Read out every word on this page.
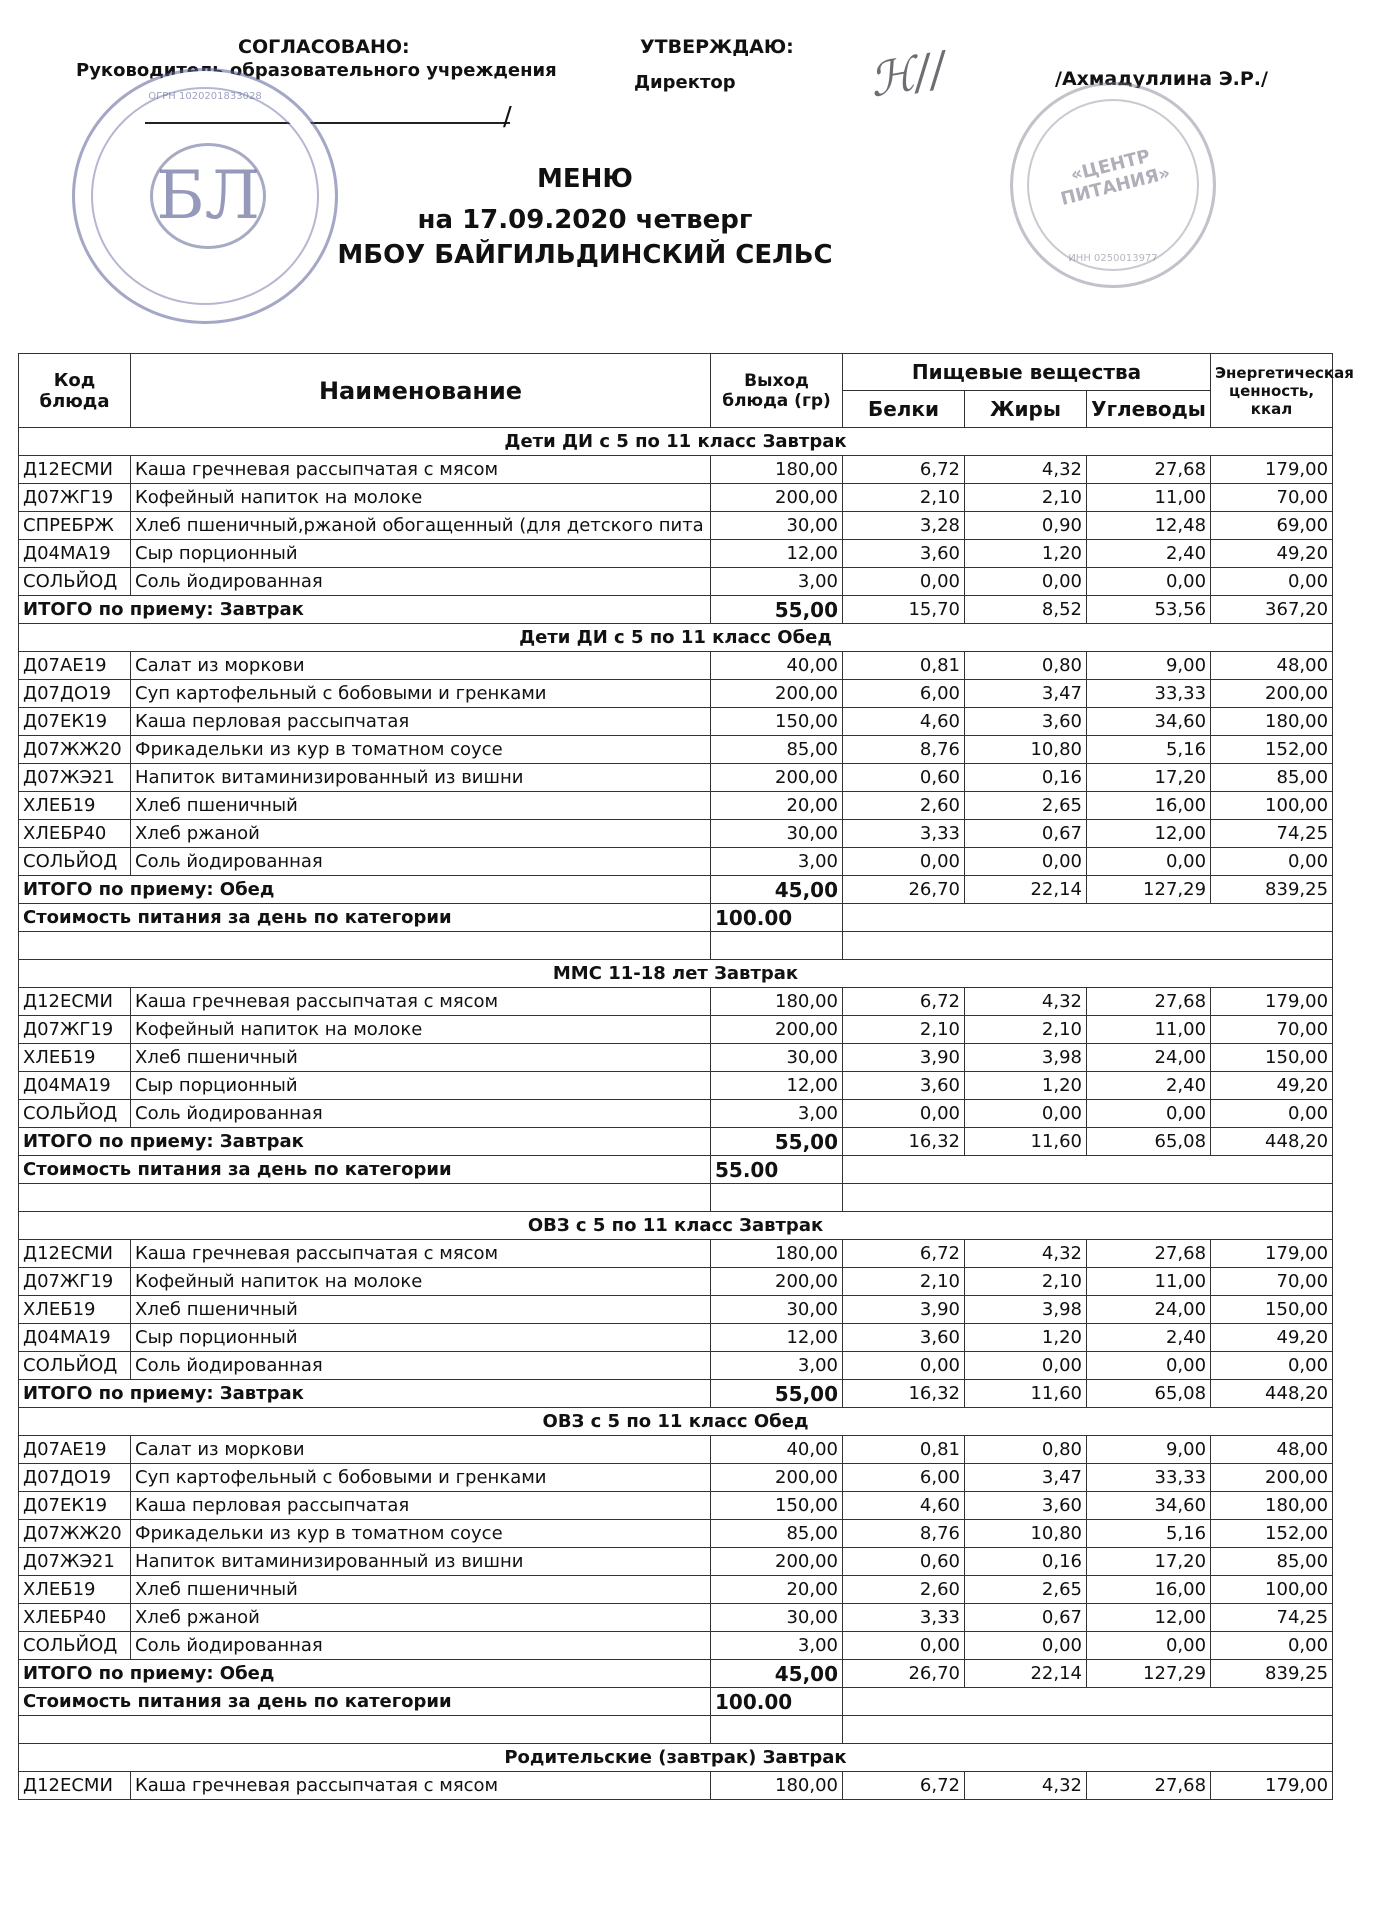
СОГЛАСОВАНО:
Руководитель образовательного учреждения
/
УТВЕРЖДАЮ:
Директор	/Ахмадуллина Э.Р./
ℋ∕∕
ОГРН 1020201833028
БЛ	«ЦЕНТР ПИТАНИЯ»
ИНН 0250013977
МЕНЮ
на 17.09.2020 четверг
МБОУ БАЙГИЛЬДИНСКИЙ СЕЛЬС
Код блюда	Наименование	Выход блюда (гр)	Пищевые вещества			Энергетическая ценность, ккал
			Белки	Жиры	Углеводы	
Дети ДИ с 5 по 11 класс Завтрак						
Д12ЕСМИ	Каша гречневая рассыпчатая с мясом	180,00	6,72	4,32	27,68	179,00
Д07ЖГ19	Кофейный напиток на молоке	200,00	2,10	2,10	11,00	70,00
СПРЕБРЖ	Хлеб пшеничный,ржаной обогащенный (для детского пита	30,00	3,28	0,90	12,48	69,00
Д04МА19	Сыр порционный	12,00	3,60	1,20	2,40	49,20
СОЛЬЙОД	Соль йодированная	3,00	0,00	0,00	0,00	0,00
ИТОГО по приему: Завтрак		55,00	15,70	8,52	53,56	367,20
Дети ДИ с 5 по 11 класс Обед						
Д07АЕ19	Салат из моркови	40,00	0,81	0,80	9,00	48,00
Д07ДО19	Суп картофельный с бобовыми и гренками	200,00	6,00	3,47	33,33	200,00
Д07ЕК19	Каша перловая рассыпчатая	150,00	4,60	3,60	34,60	180,00
Д07ЖЖ20	Фрикадельки из кур в томатном соусе	85,00	8,76	10,80	5,16	152,00
Д07ЖЭ21	Напиток витаминизированный из вишни	200,00	0,60	0,16	17,20	85,00
ХЛЕБ19	Хлеб пшеничный	20,00	2,60	2,65	16,00	100,00
ХЛЕБР40	Хлеб ржаной	30,00	3,33	0,67	12,00	74,25
СОЛЬЙОД	Соль йодированная	3,00	0,00	0,00	0,00	0,00
ИТОГО по приему: Обед		45,00	26,70	22,14	127,29	839,25
Стоимость питания за день по категории		100.00				

ММС 11-18 лет Завтрак						
Д12ЕСМИ	Каша гречневая рассыпчатая с мясом	180,00	6,72	4,32	27,68	179,00
Д07ЖГ19	Кофейный напиток на молоке	200,00	2,10	2,10	11,00	70,00
ХЛЕБ19	Хлеб пшеничный	30,00	3,90	3,98	24,00	150,00
Д04МА19	Сыр порционный	12,00	3,60	1,20	2,40	49,20
СОЛЬЙОД	Соль йодированная	3,00	0,00	0,00	0,00	0,00
ИТОГО по приему: Завтрак		55,00	16,32	11,60	65,08	448,20
Стоимость питания за день по категории		55.00				

ОВЗ с 5 по 11 класс Завтрак						
Д12ЕСМИ	Каша гречневая рассыпчатая с мясом	180,00	6,72	4,32	27,68	179,00
Д07ЖГ19	Кофейный напиток на молоке	200,00	2,10	2,10	11,00	70,00
ХЛЕБ19	Хлеб пшеничный	30,00	3,90	3,98	24,00	150,00
Д04МА19	Сыр порционный	12,00	3,60	1,20	2,40	49,20
СОЛЬЙОД	Соль йодированная	3,00	0,00	0,00	0,00	0,00
ИТОГО по приему: Завтрак		55,00	16,32	11,60	65,08	448,20
ОВЗ с 5 по 11 класс Обед						
Д07АЕ19	Салат из моркови	40,00	0,81	0,80	9,00	48,00
Д07ДО19	Суп картофельный с бобовыми и гренками	200,00	6,00	3,47	33,33	200,00
Д07ЕК19	Каша перловая рассыпчатая	150,00	4,60	3,60	34,60	180,00
Д07ЖЖ20	Фрикадельки из кур в томатном соусе	85,00	8,76	10,80	5,16	152,00
Д07ЖЭ21	Напиток витаминизированный из вишни	200,00	0,60	0,16	17,20	85,00
ХЛЕБ19	Хлеб пшеничный	20,00	2,60	2,65	16,00	100,00
ХЛЕБР40	Хлеб ржаной	30,00	3,33	0,67	12,00	74,25
СОЛЬЙОД	Соль йодированная	3,00	0,00	0,00	0,00	0,00
ИТОГО по приему: Обед		45,00	26,70	22,14	127,29	839,25
Стоимость питания за день по категории		100.00				

Родительские (завтрак) Завтрак						
Д12ЕСМИ	Каша гречневая рассыпчатая с мясом	180,00	6,72	4,32	27,68	179,00
